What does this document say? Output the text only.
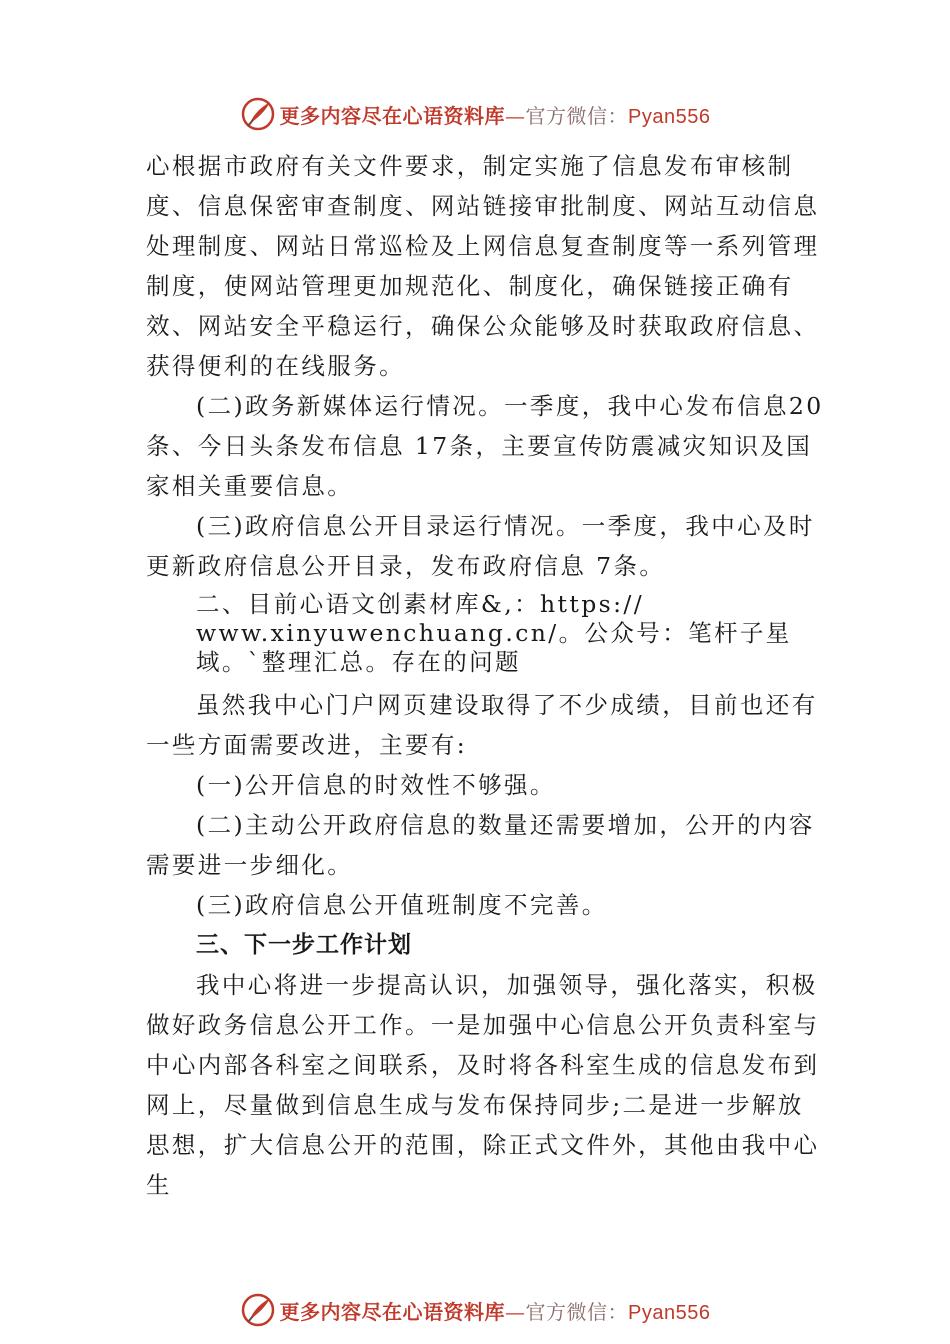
更多内容尽在心语资料库—官方微信：Pyan556

心根据市政府有关文件要求，制定实施了信息发布审核制度、信息保密审查制度、网站链接审批制度、网站互动信息处理制度、网站日常巡检及上网信息复查制度等一系列管理制度，使网站管理更加规范化、制度化，确保链接正确有效、网站安全平稳运行，确保公众能够及时获取政府信息、获得便利的在线服务。

(二)政务新媒体运行情况。一季度，我中心发布信息20条、今日头条发布信息 17条，主要宣传防震减灾知识及国家相关重要信息。

(三)政府信息公开目录运行情况。一季度，我中心及时更新政府信息公开目录，发布政府信息 7条。

二、目前心语文创素材库&,：https:// www.xinyuwenchuang.cn/。公众号：笔杆子星域。`整理汇总。存在的问题

虽然我中心门户网页建设取得了不少成绩，目前也还有一些方面需要改进，主要有:

(一)公开信息的时效性不够强。

(二)主动公开政府信息的数量还需要增加，公开的内容需要进一步细化。

(三)政府信息公开值班制度不完善。

三、下一步工作计划

我中心将进一步提高认识，加强领导，强化落实，积极做好政务信息公开工作。一是加强中心信息公开负责科室与中心内部各科室之间联系，及时将各科室生成的信息发布到网上，尽量做到信息生成与发布保持同步;二是进一步解放思想，扩大信息公开的范围，除正式文件外，其他由我中心生

更多内容尽在心语资料库—官方微信：Pyan556
